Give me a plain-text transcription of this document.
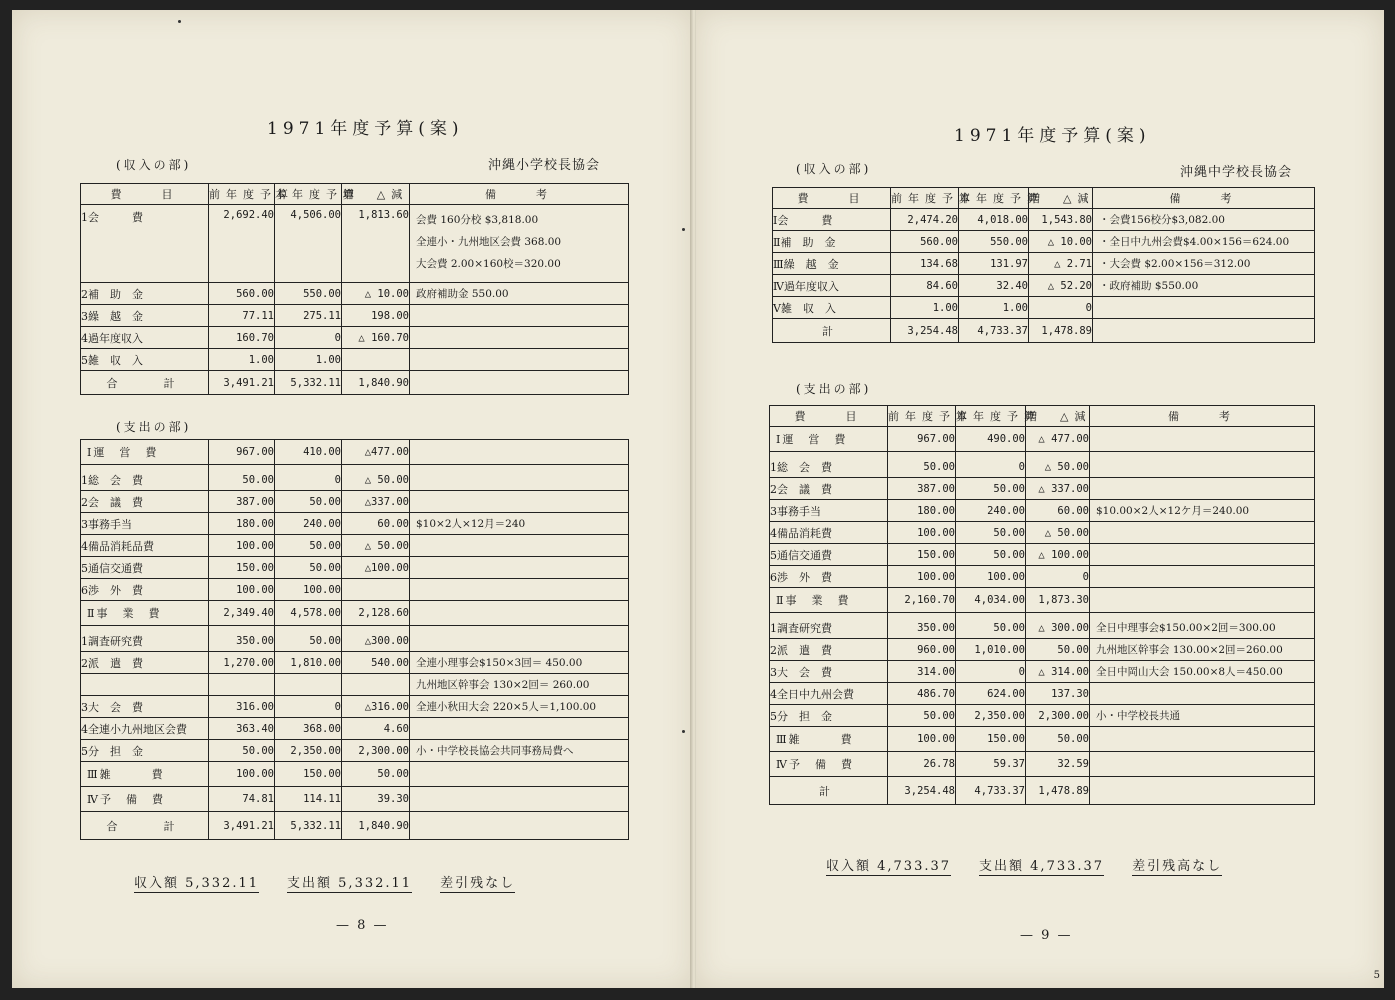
1971年度予算(案)
(収入の部)	沖縄小学校長協会
費　　目	前年度予算	本年度予算	増　△減	備　　考
1会　　　費	2,692.40	4,506.00	1,813.60	会費 160分校 $3,818.00
全連小・九州地区会費 368.00
大会費 2.00×160校＝320.00

2補　助　金	560.00	550.00	△ 10.00	政府補助金 550.00

3繰　越　金	77.11	275.11	198.00	
4過年度収入	160.70	0	△ 160.70	
5雑　収　入	1.00	1.00		
合　　計	3,491.21	5,332.11	1,840.90	
(支出の部)
Ⅰ運　営　費	967.00	410.00	△477.00	
1総　会　費	50.00	0	△ 50.00	
2会　議　費	387.00	50.00	△337.00	
3事務手当	180.00	240.00	60.00	$10×2人×12月＝240
4備品消耗品費	100.00	50.00	△ 50.00	
5通信交通費	150.00	50.00	△100.00	
6渉　外　費	100.00	100.00		
Ⅱ事　業　費	2,349.40	4,578.00	2,128.60	
1調査研究費	350.00	50.00	△300.00	
2派　遣　費	1,270.00	1,810.00	540.00	全連小理事会$150×3回＝ 450.00
				九州地区幹事会 130×2回＝ 260.00
3大　会　費	316.00	0	△316.00	全連小秋田大会 220×5人＝1,100.00
4全連小九州地区会費	363.40	368.00	4.60	
5分　担　金	50.00	2,350.00	2,300.00	小・中学校長協会共同事務局費へ
Ⅲ雑　　　費	100.00	150.00	50.00	
Ⅳ予　備　費	74.81	114.11	39.30	
合　　計	3,491.21	5,332.11	1,840.90	
収入額 5,332.11 支出額 5,332.11 差引残なし
— 8 —
1971年度予算(案)
(収入の部)	沖縄中学校長協会
費　　目	前年度予算	本年度予算	増　△減	備　　考
Ⅰ会　　　費	2,474.20	4,018.00	1,543.80	・会費156校分$3,082.00

Ⅱ補　助　金	560.00	550.00	△ 10.00	・全日中九州会費$4.00×156＝624.00

Ⅲ繰　越　金	134.68	131.97	△ 2.71	・大会費 $2.00×156＝312.00

Ⅳ過年度収入	84.60	32.40	△ 52.20	・政府補助 $550.00

Ⅴ雑　収　入	1.00	1.00	0	
計	3,254.48	4,733.37	1,478.89	
(支出の部)
費　　目	前年度予算	本年度予算	増　△減	備　　考
Ⅰ運　営　費	967.00	490.00	△ 477.00	
1総　会　費	50.00	0	△ 50.00	
2会　議　費	387.00	50.00	△ 337.00	
3事務手当	180.00	240.00	60.00	$10.00×2人×12ケ月＝240.00
4備品消耗費	100.00	50.00	△ 50.00	
5通信交通費	150.00	50.00	△ 100.00	
6渉　外　費	100.00	100.00	0	
Ⅱ事　業　費	2,160.70	4,034.00	1,873.30	
1調査研究費	350.00	50.00	△ 300.00	全日中理事会$150.00×2回＝300.00
2派　遣　費	960.00	1,010.00	50.00	九州地区幹事会 130.00×2回＝260.00
3大　会　費	314.00	0	△ 314.00	全日中岡山大会 150.00×8人＝450.00
4全日中九州会費	486.70	624.00	137.30	
5分　担　金	50.00	2,350.00	2,300.00	小・中学校長共通
Ⅲ雑　　　費	100.00	150.00	50.00	
Ⅳ予　備　費	26.78	59.37	32.59	
計	3,254.48	4,733.37	1,478.89	
収入額 4,733.37 支出額 4,733.37 差引残高なし
— 9 —
5
